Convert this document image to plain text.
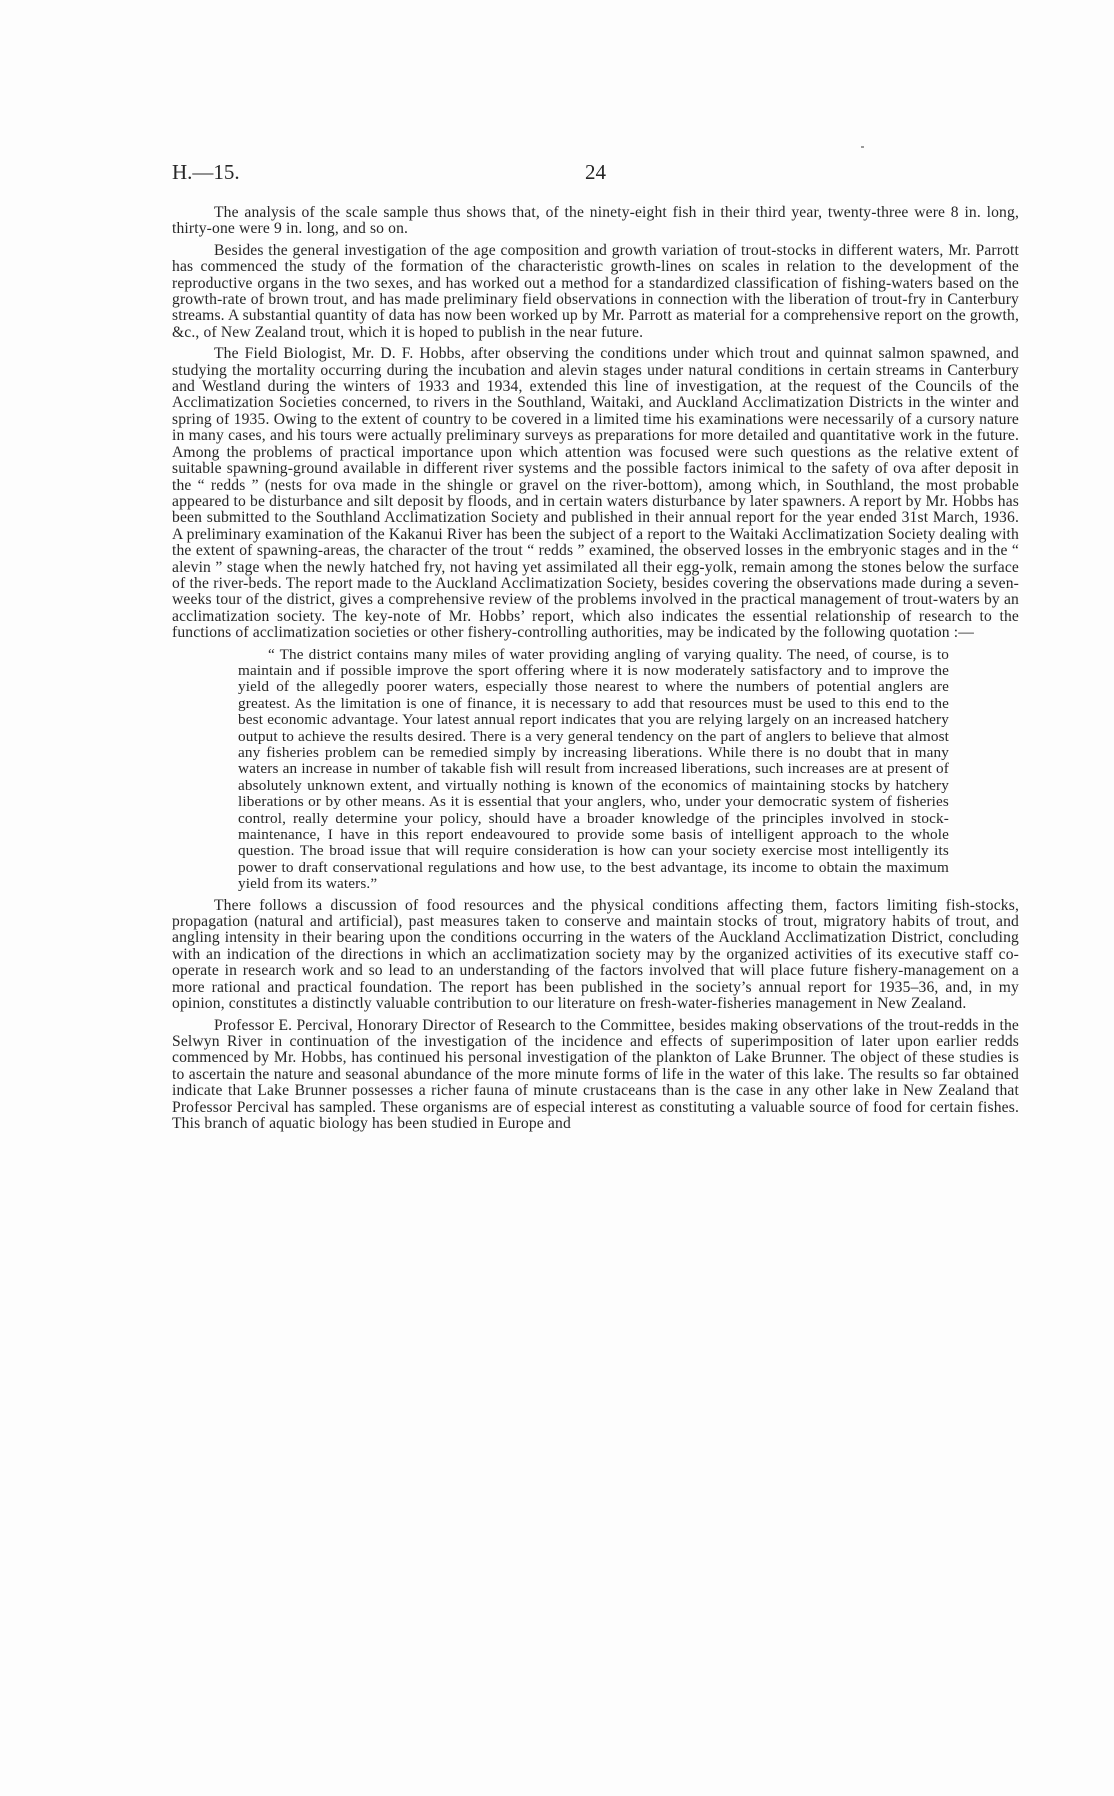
H.—15.	24

The analysis of the scale sample thus shows that, of the ninety-eight fish in their third year, twenty-three were 8 in. long, thirty-one were 9 in. long, and so on.

Besides the general investigation of the age composition and growth variation of trout-stocks in different waters, Mr. Parrott has commenced the study of the formation of the characteristic growth-lines on scales in relation to the development of the reproductive organs in the two sexes, and has worked out a method for a standardized classification of fishing-waters based on the growth-rate of brown trout, and has made preliminary field observations in connection with the liberation of trout-fry in Canterbury streams. A substantial quantity of data has now been worked up by Mr. Parrott as material for a comprehensive report on the growth, &c., of New Zealand trout, which it is hoped to publish in the near future.

The Field Biologist, Mr. D. F. Hobbs, after observing the conditions under which trout and quinnat salmon spawned, and studying the mortality occurring during the incubation and alevin stages under natural conditions in certain streams in Canterbury and Westland during the winters of 1933 and 1934, extended this line of investigation, at the request of the Councils of the Acclimatization Societies concerned, to rivers in the Southland, Waitaki, and Auckland Acclimatization Districts in the winter and spring of 1935. Owing to the extent of country to be covered in a limited time his examinations were necessarily of a cursory nature in many cases, and his tours were actually preliminary surveys as preparations for more detailed and quantitative work in the future. Among the problems of practical importance upon which attention was focused were such questions as the relative extent of suitable spawning-ground available in different river systems and the possible factors inimical to the safety of ova after deposit in the “ redds ” (nests for ova made in the shingle or gravel on the river-bottom), among which, in Southland, the most probable appeared to be disturbance and silt deposit by floods, and in certain waters disturbance by later spawners. A report by Mr. Hobbs has been submitted to the Southland Acclimatization Society and published in their annual report for the year ended 31st March, 1936. A preliminary examination of the Kakanui River has been the subject of a report to the Waitaki Acclimatization Society dealing with the extent of spawning-areas, the character of the trout “ redds ” examined, the observed losses in the embryonic stages and in the “ alevin ” stage when the newly hatched fry, not having yet assimilated all their egg-yolk, remain among the stones below the surface of the river-beds. The report made to the Auckland Acclimatization Society, besides covering the observations made during a seven-weeks tour of the district, gives a comprehensive review of the problems involved in the practical management of trout-waters by an acclimatization society. The key-note of Mr. Hobbs’ report, which also indicates the essential relationship of research to the functions of acclimatization societies or other fishery-controlling authorities, may be indicated by the following quotation :—

“ The district contains many miles of water providing angling of varying quality. The need, of course, is to maintain and if possible improve the sport offering where it is now moderately satisfactory and to improve the yield of the allegedly poorer waters, especially those nearest to where the numbers of potential anglers are greatest. As the limitation is one of finance, it is necessary to add that resources must be used to this end to the best economic advantage. Your latest annual report indicates that you are relying largely on an increased hatchery output to achieve the results desired. There is a very general tendency on the part of anglers to believe that almost any fisheries problem can be remedied simply by increasing liberations. While there is no doubt that in many waters an increase in number of takable fish will result from increased liberations, such increases are at present of absolutely unknown extent, and virtually nothing is known of the economics of maintaining stocks by hatchery liberations or by other means. As it is essential that your anglers, who, under your democratic system of fisheries control, really determine your policy, should have a broader knowledge of the principles involved in stock-maintenance, I have in this report endeavoured to provide some basis of intelligent approach to the whole question. The broad issue that will require consideration is how can your society exercise most intelligently its power to draft conservational regulations and how use, to the best advantage, its income to obtain the maximum yield from its waters.”

There follows a discussion of food resources and the physical conditions affecting them, factors limiting fish-stocks, propagation (natural and artificial), past measures taken to conserve and maintain stocks of trout, migratory habits of trout, and angling intensity in their bearing upon the conditions occurring in the waters of the Auckland Acclimatization District, concluding with an indication of the directions in which an acclimatization society may by the organized activities of its executive staff co-operate in research work and so lead to an understanding of the factors involved that will place future fishery-management on a more rational and practical foundation. The report has been published in the society’s annual report for 1935–36, and, in my opinion, constitutes a distinctly valuable contribution to our literature on fresh-water-fisheries management in New Zealand.

Professor E. Percival, Honorary Director of Research to the Committee, besides making observations of the trout-redds in the Selwyn River in continuation of the investigation of the incidence and effects of superimposition of later upon earlier redds commenced by Mr. Hobbs, has continued his personal investigation of the plankton of Lake Brunner. The object of these studies is to ascertain the nature and seasonal abundance of the more minute forms of life in the water of this lake. The results so far obtained indicate that Lake Brunner possesses a richer fauna of minute crustaceans than is the case in any other lake in New Zealand that Professor Percival has sampled. These organisms are of especial interest as constituting a valuable source of food for certain fishes. This branch of aquatic biology has been studied in Europe and
